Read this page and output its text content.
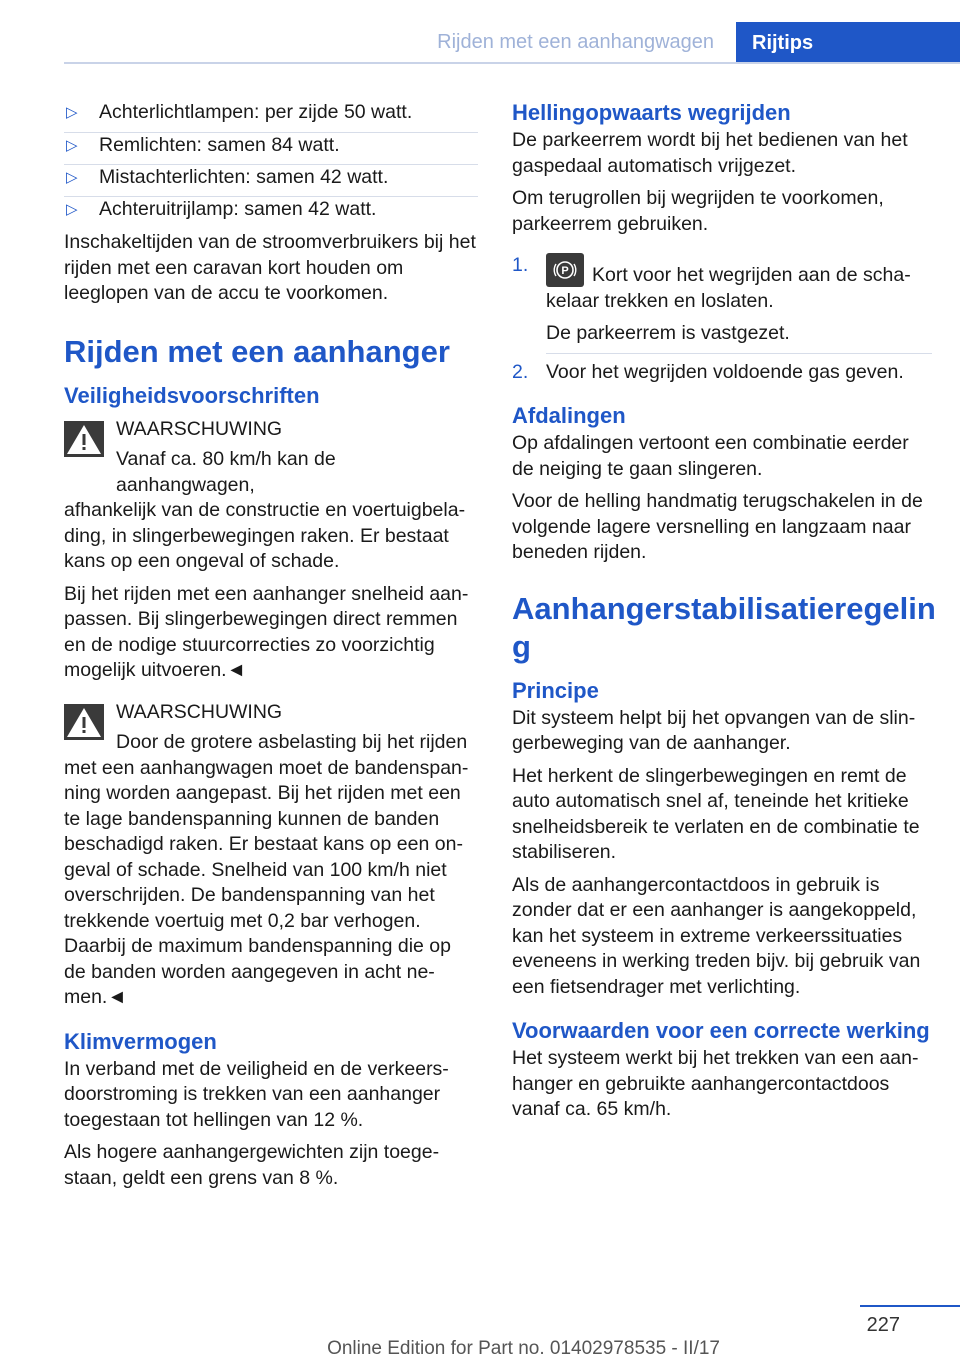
Rijden met een aanhangwagen	Rijtips
▷ Achterlichtlampen: per zijde 50 watt.
▷ Remlichten: samen 84 watt.
▷ Mistachterlichten: samen 42 watt.
▷ Achteruitrijlamp: samen 42 watt.

Inschakeltijden van de stroomverbruikers bij het rijden met een caravan kort houden om leeglopen van de accu te voorkomen.

Rijden met een aanhanger
Veiligheidsvoorschriften
WAARSCHUWING
Vanaf ca. 80 km/h kan de aanhangwagen,

afhankelijk van de constructie en voertuigbela‐ ding, in slingerbewegingen raken. Er bestaat kans op een ongeval of schade.

Bij het rijden met een aanhanger snelheid aan‐ passen. Bij slingerbewegingen direct remmen en de nodige stuurcorrecties zo voorzichtig mogelijk uitvoeren.◄

WAARSCHUWING
Door de grotere asbelasting bij het rijden

met een aanhangwagen moet de bandenspan‐ ning worden aangepast. Bij het rijden met een te lage bandenspanning kunnen de banden beschadigd raken. Er bestaat kans op een on‐ geval of schade. Snelheid van 100 km/h niet overschrijden. De bandenspanning van het trekkende voertuig met 0,2 bar verhogen. Daarbij de maximum bandenspanning die op de banden worden aangegeven in acht ne‐ men.◄

Klimvermogen

In verband met de veiligheid en de verkeers‐ doorstroming is trekken van een aanhanger toegestaan tot hellingen van 12 %.

Als hogere aanhangergewichten zijn toege‐ staan, geldt een grens van 8 %.

Hellingopwaarts wegrijden

De parkeerrem wordt bij het bedienen van het gaspedaal automatisch vrijgezet.

Om terugrollen bij wegrijden te voorkomen, parkeerrem gebruiken.

1.	P Kort voor het wegrijden aan de scha‐ kelaar trekken en loslaten.
De parkeerrem is vastgezet.
2. Voor het wegrijden voldoende gas geven.
Afdalingen

Op afdalingen vertoont een combinatie eerder de neiging te gaan slingeren.

Voor de helling handmatig terugschakelen in de volgende lagere versnelling en langzaam naar beneden rijden.

Aanhangerstabilisatieregelin g
Principe

Dit systeem helpt bij het opvangen van de slin‐ gerbeweging van de aanhanger.

Het herkent de slingerbewegingen en remt de auto automatisch snel af, teneinde het kritieke snelheidsbereik te verlaten en de combinatie te stabiliseren.

Als de aanhangercontactdoos in gebruik is zonder dat er een aanhanger is aangekoppeld, kan het systeem in extreme verkeerssituaties eveneens in werking treden bijv. bij gebruik van een fietsendrager met verlichting.

Voorwaarden voor een correcte werking

Het systeem werkt bij het trekken van een aan‐ hanger en gebruikte aanhangercontactdoos vanaf ca. 65 km/h.

227
Online Edition for Part no. 01402978535 - II/17
